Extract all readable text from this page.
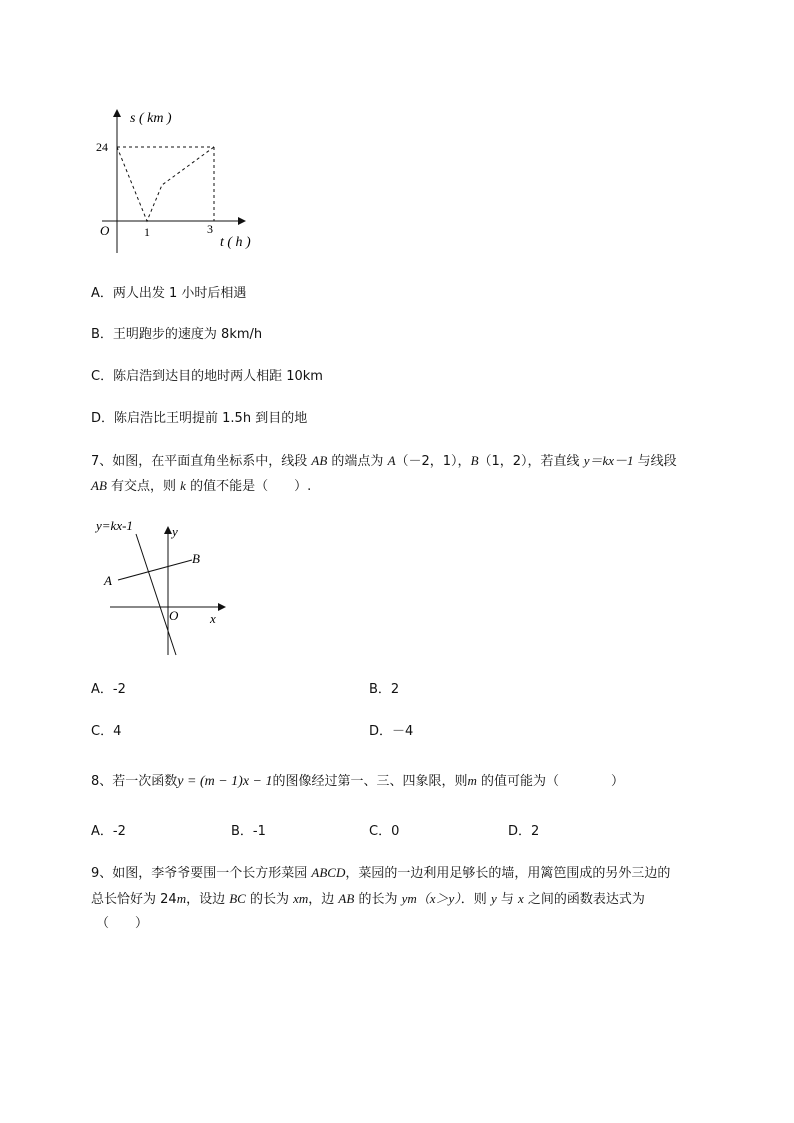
s ( km )
24
O	1	3
t ( h )
A．两人出发 1 小时后相遇
B．王明跑步的速度为 8km/h
C．陈启浩到达目的地时两人相距 10km
D．陈启浩比王明提前 1.5h 到目的地
7、如图，在平面直角坐标系中，线段 AB 的端点为 A（－2，1），B（1，2），若直线 y＝kx－1 与线段
AB 有交点，则 k 的值不能是（　　）.
y=kx-1	y
B
A
O x
A．-2	B．2
C．4	D．－4
8、若一次函数y = (m − 1)x − 1的图像经过第一、三、四象限，则m 的值可能为（　　　　）
A．-2	B．-1	C．0	D．2
9、如图，李爷爷要围一个长方形菜园 ABCD，菜园的一边利用足够长的墙，用篱笆围成的另外三边的
总长恰好为 24m，设边 BC 的长为 xm，边 AB 的长为 ym（x＞y）．则 y 与 x 之间的函数表达式为
（　　）
